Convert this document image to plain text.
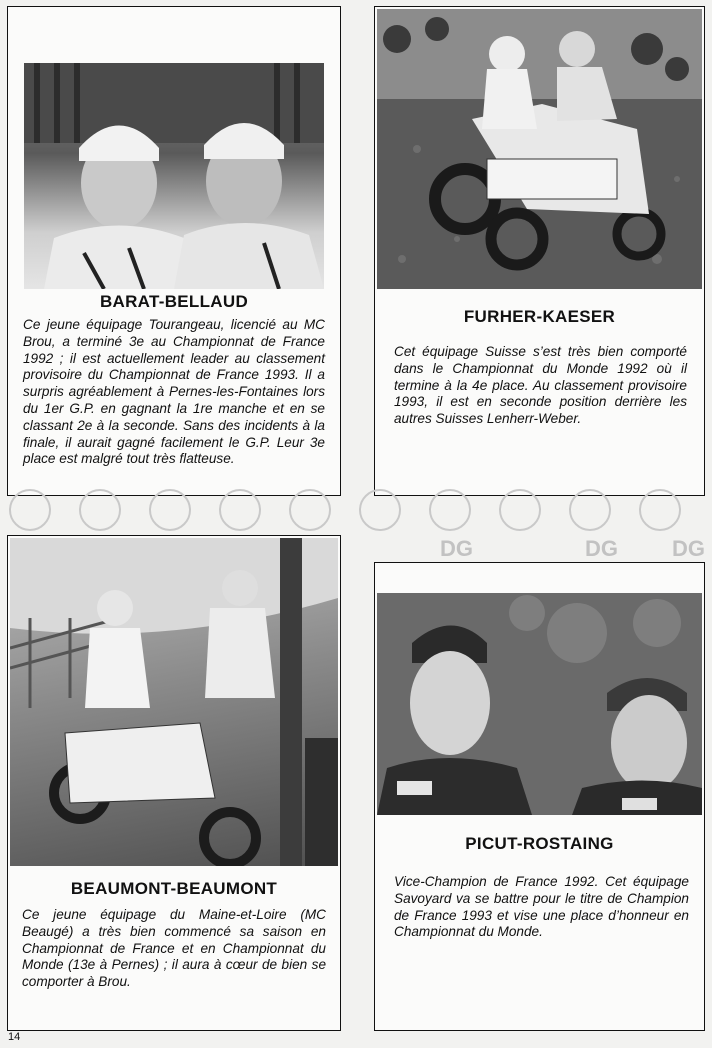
BARAT-BELLAUD
Ce jeune équipage Tourangeau, licencié au MC Brou, a terminé 3e au Championnat de France 1992 ; il est actuellement leader au classement provisoire du Championnat de France 1993. Il a surpris agréablement à Pernes-les-Fontaines lors du 1er G.P. en gagnant la 1re manche et en se classant 2e à la seconde. Sans des incidents à la finale, il aurait gagné facilement le G.P. Leur 3e place est malgré tout très flatteuse.
FURHER-KAESER
Cet équipage Suisse s’est très bien comporté dans le Championnat du Monde 1992 où il termine à la 4e place. Au classement provisoire 1993, il est en seconde position derrière les autres Suisses Lenherr-Weber.
DG	DG DG
BEAUMONT-BEAUMONT
Ce jeune équipage du Maine-et-Loire (MC Beaugé) a très bien commencé sa saison en Championnat de France et en Championnat du Monde (13e à Pernes) ; il aura à cœur de bien se comporter à Brou.
PICUT-ROSTAING
Vice-Champion de France 1992. Cet équipage Savoyard va se battre pour le titre de Champion de France 1993 et vise une place d’honneur en Championnat du Monde.
14
